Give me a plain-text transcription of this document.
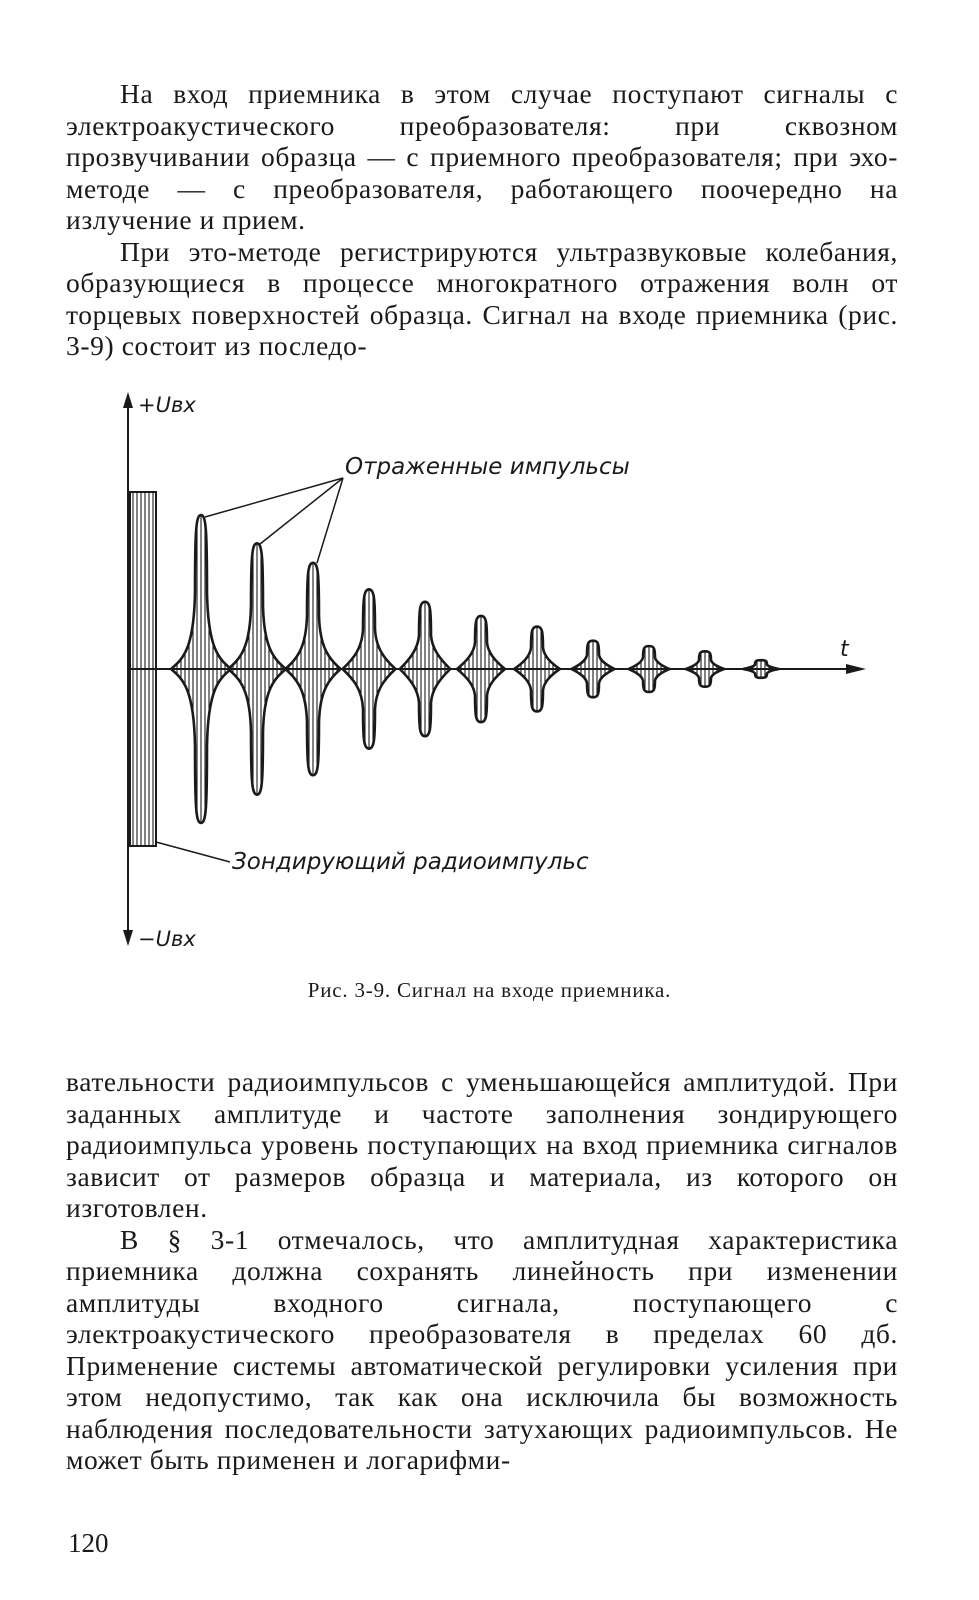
На вход приемника в этом случае поступают сигналы с электроакустического преобразователя: при сквозном прозвучивании образца — с приемного преобразователя; при эхо-методе — с преобразователя, работающего поочередно на излучение и прием.

При это-методе регистрируются ультразвуковые колебания, образующиеся в процессе многократного отражения волн от торцевых поверхностей образца. Сигнал на входе приемника (рис. 3-9) состоит из последо-

+Uвх
−Uвх
t
Отраженные импульсы
Зондирующий радиоимпульс
Рис. 3-9. Сигнал на входе приемника.

вательности радиоимпульсов с уменьшающейся амплитудой. При заданных амплитуде и частоте заполнения зондирующего радиоимпульса уровень поступающих на вход приемника сигналов зависит от размеров образца и материала, из которого он изготовлен.

В § 3-1 отмечалось, что амплитудная характеристика приемника должна сохранять линейность при изменении амплитуды входного сигнала, поступающего с электроакустического преобразователя в пределах 60 дб. Применение системы автоматической регулировки усиления при этом недопустимо, так как она исключила бы возможность наблюдения последовательности затухающих радиоимпульсов. Не может быть применен и логарифми-

120
